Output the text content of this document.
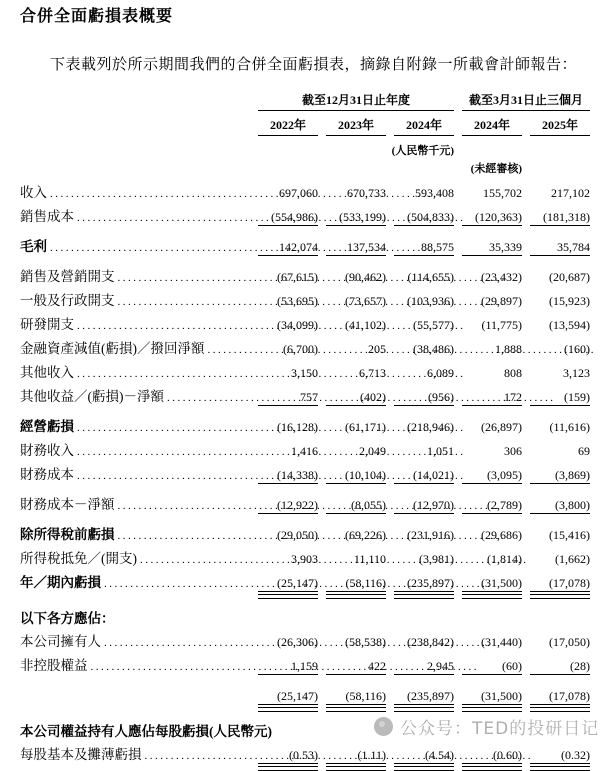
合併全面虧損表概要

下表載列於所示期間我們的合併全面虧損表，摘錄自附錄一所載會計師報告：

截至12月31日止年度	截至3月31日止三個月
2022年	2023年	2024年	2024年	2025年
(人民幣千元)
(未經審核)
收入 .....	697,060	670,733	593,408	155,702	217,102
銷售成本 .....	(554,986)	(533,199)	(504,833)	(120,363)	(181,318)
毛利 .....	142,074	137,534	88,575	35,339	35,784
銷售及營銷開支 .....	(67,615)	(90,462)	(114,655)	(23,432)	(20,687)
一般及行政開支 .....	(53,695)	(73,657)	(103,936)	(29,897)	(15,923)
研發開支 .....	(34,099)	(41,102)	(55,577)	(11,775)	(13,594)
金融資產減值(虧損)／撥回淨額 .....	(6,700)	205	(38,486)	1,888	(160)
其他收入 .....	3,150	6,713	6,089	808	3,123
其他收益／(虧損)－淨額 .....	757	(402)	(956)	172	(159)
經營虧損 .....	(16,128)	(61,171)	(218,946)	(26,897)	(11,616)
財務收入 .....	1,416	2,049	1,051	306	69
財務成本 .....	(14,338)	(10,104)	(14,021)	(3,095)	(3,869)
財務成本－淨額 .....	(12,922)	(8,055)	(12,970)	(2,789)	(3,800)
除所得稅前虧損 .....	(29,050)	(69,226)	(231,916)	(29,686)	(15,416)
所得稅抵免／(開支) .....	3,903	11,110	(3,981)	(1,814)	(1,662)
年／期內虧損 .....	(25,147)	(58,116)	(235,897)	(31,500)	(17,078)
以下各方應佔：
本公司擁有人 .....	(26,306)	(58,538)	(238,842)	(31,440)	(17,050)
非控股權益 .....	1,159	422	2,945	(60)	(28)
(25,147)	(58,116)	(235,897)	(31,500)	(17,078)
本公司權益持有人應佔每股虧損(人民幣元)
每股基本及攤薄虧損 .....	(0.53)	(1.11)	(4.54)	(0.60)	(0.32)
公众号：TED的投研日记
